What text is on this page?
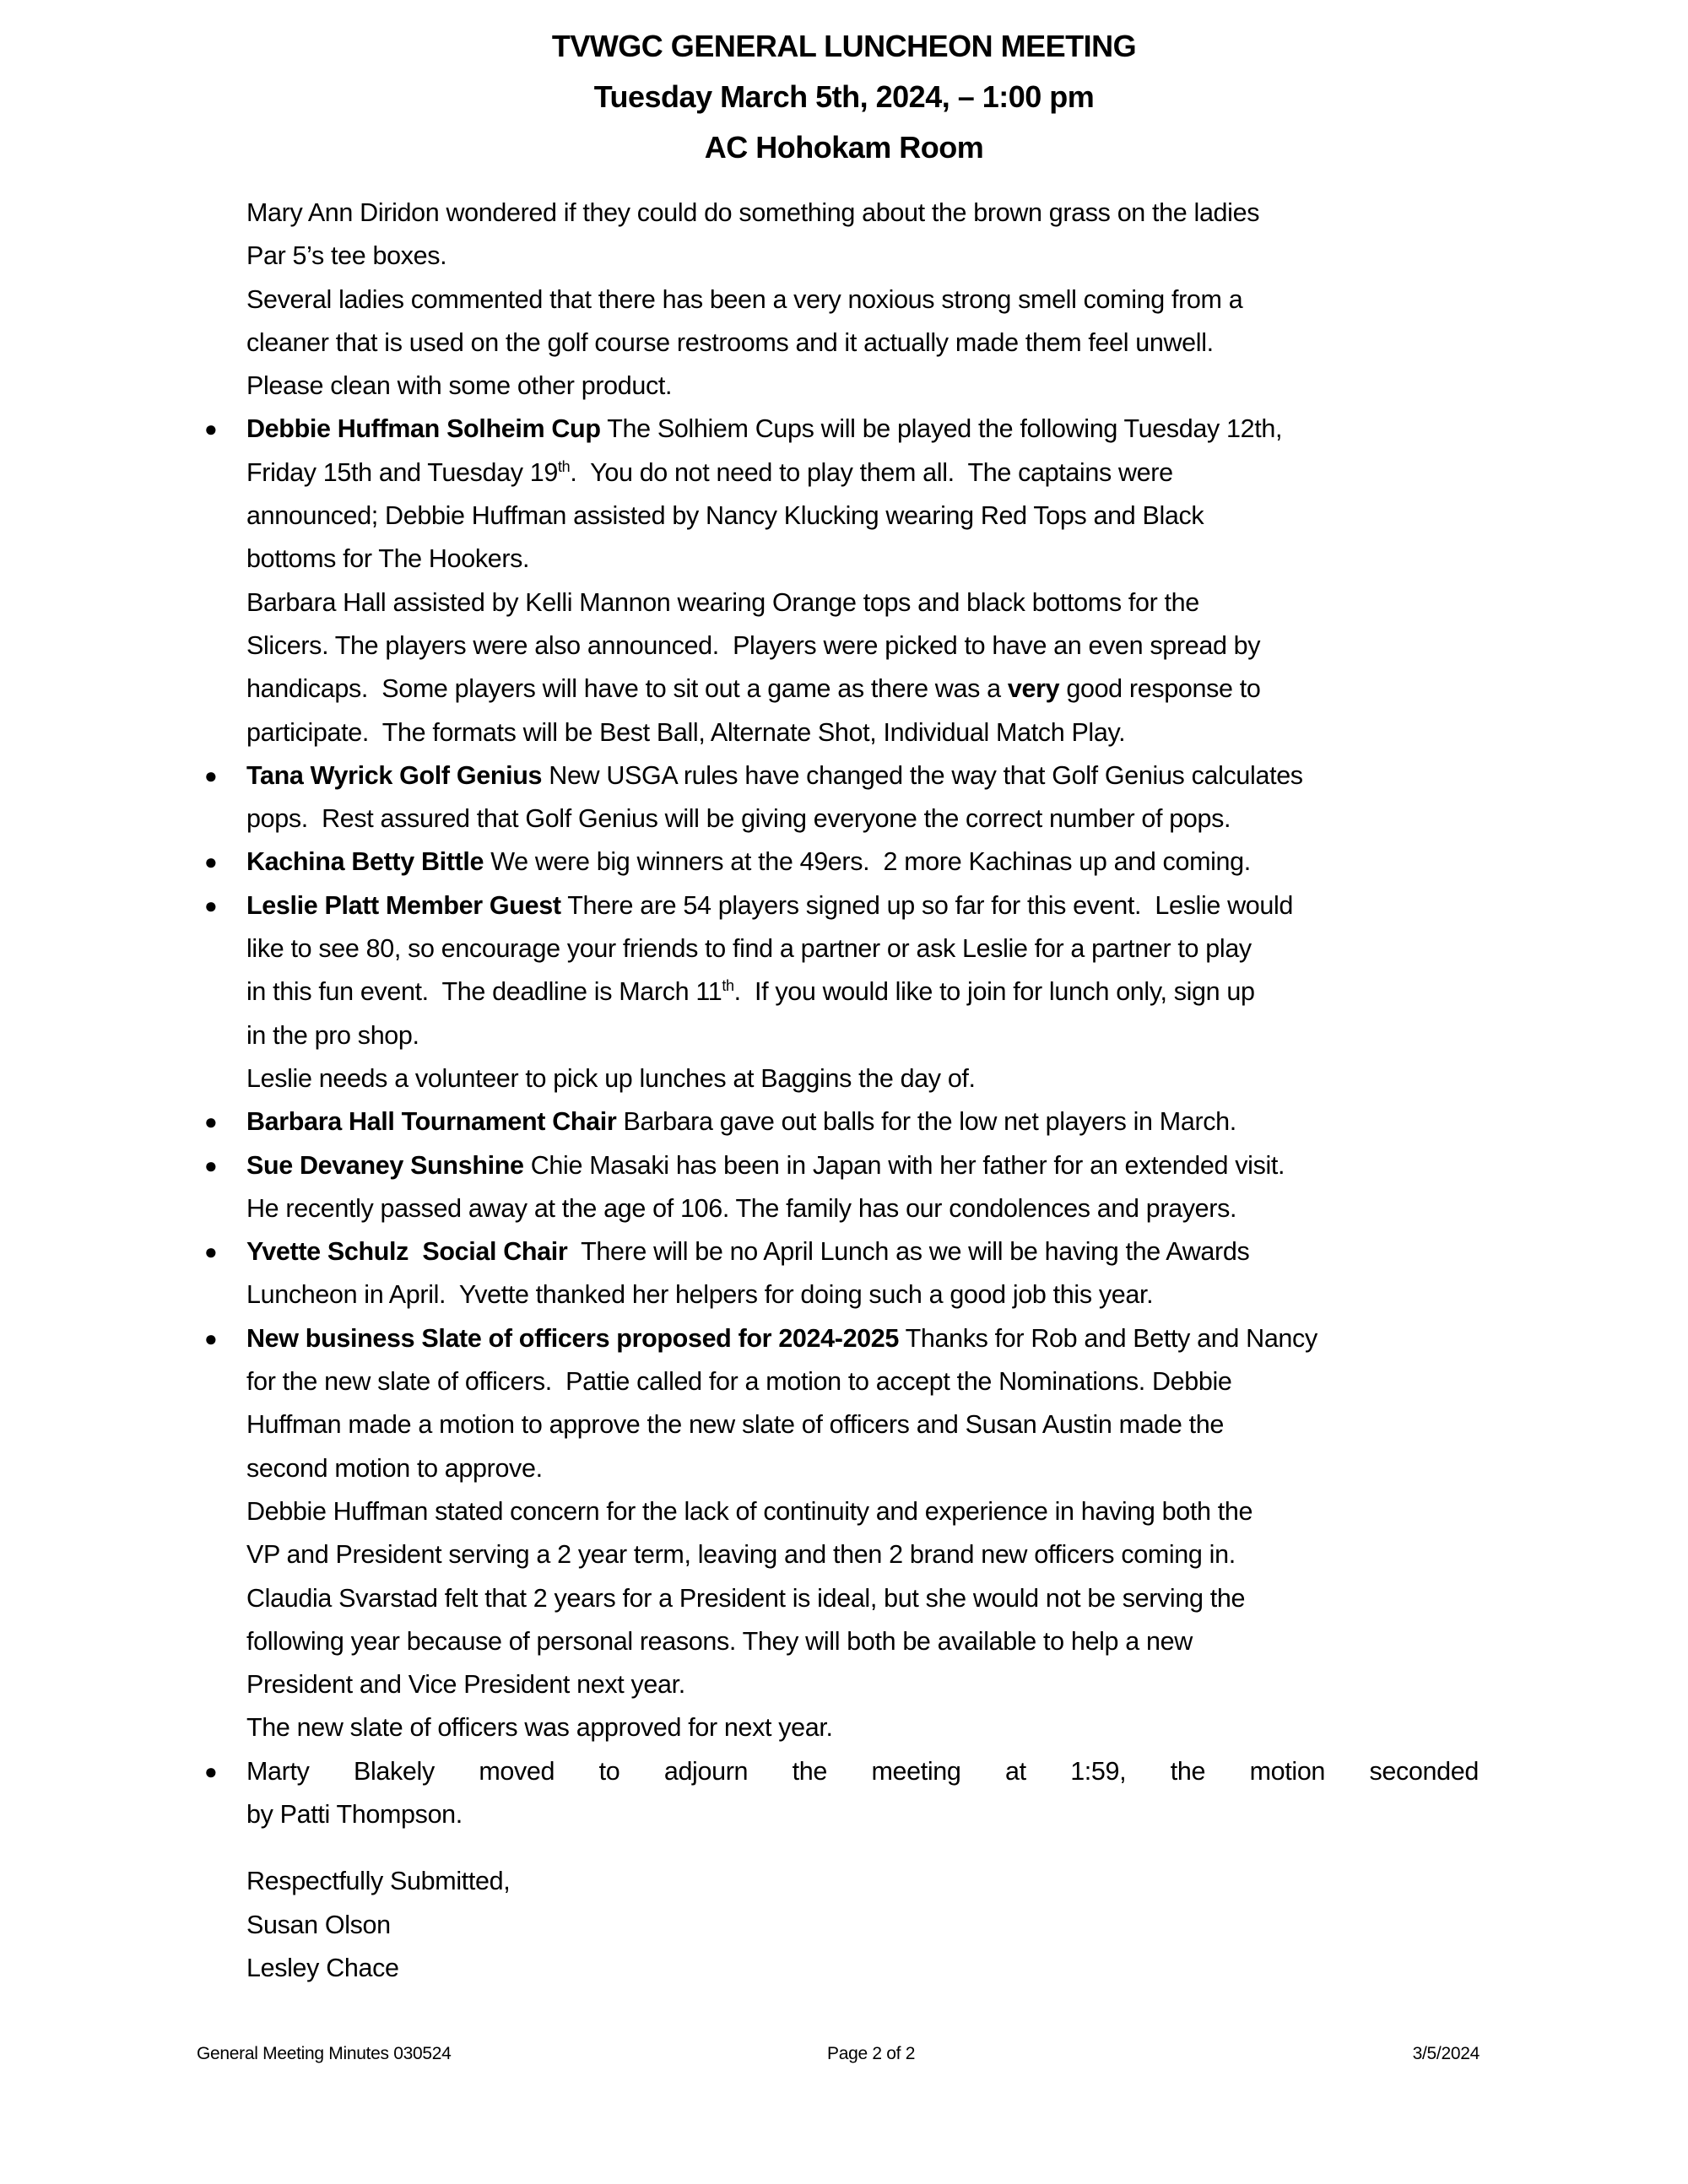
TVWGC GENERAL LUNCHEON MEETING
Tuesday March 5th, 2024, – 1:00 pm
AC Hohokam Room
Mary Ann Diridon wondered if they could do something about the brown grass on the ladies
Par 5’s tee boxes.
Several ladies commented that there has been a very noxious strong smell coming from a
cleaner that is used on the golf course restrooms and it actually made them feel unwell.
Please clean with some other product.
● Debbie Huffman Solheim Cup The Solhiem Cups will be played the following Tuesday 12th,
Friday 15th and Tuesday 19th.  You do not need to play them all.  The captains were
announced; Debbie Huffman assisted by Nancy Klucking wearing Red Tops and Black
bottoms for The Hookers.
Barbara Hall assisted by Kelli Mannon wearing Orange tops and black bottoms for the
Slicers. The players were also announced.  Players were picked to have an even spread by
handicaps.  Some players will have to sit out a game as there was a very good response to
participate.  The formats will be Best Ball, Alternate Shot, Individual Match Play.
● Tana Wyrick Golf Genius New USGA rules have changed the way that Golf Genius calculates
pops.  Rest assured that Golf Genius will be giving everyone the correct number of pops.
● Kachina Betty Bittle We were big winners at the 49ers.  2 more Kachinas up and coming.
● Leslie Platt Member Guest There are 54 players signed up so far for this event.  Leslie would
like to see 80, so encourage your friends to find a partner or ask Leslie for a partner to play
in this fun event.  The deadline is March 11th.  If you would like to join for lunch only, sign up
in the pro shop.
Leslie needs a volunteer to pick up lunches at Baggins the day of.
● Barbara Hall Tournament Chair Barbara gave out balls for the low net players in March.
● Sue Devaney Sunshine Chie Masaki has been in Japan with her father for an extended visit.
He recently passed away at the age of 106. The family has our condolences and prayers.
● Yvette Schulz  Social Chair  There will be no April Lunch as we will be having the Awards
Luncheon in April.  Yvette thanked her helpers for doing such a good job this year.
● New business Slate of officers proposed for 2024-2025 Thanks for Rob and Betty and Nancy
for the new slate of officers.  Pattie called for a motion to accept the Nominations. Debbie
Huffman made a motion to approve the new slate of officers and Susan Austin made the
second motion to approve.
Debbie Huffman stated concern for the lack of continuity and experience in having both the
VP and President serving a 2 year term, leaving and then 2 brand new officers coming in.
Claudia Svarstad felt that 2 years for a President is ideal, but she would not be serving the
following year because of personal reasons. They will both be available to help a new
President and Vice President next year.
The new slate of officers was approved for next year.
● Marty Blakely moved to adjourn the meeting at 1:59, the motion seconded
by Patti Thompson.
Respectfully Submitted,
Susan Olson
Lesley Chace
General Meeting Minutes 030524	Page 2 of 2	3/5/2024
